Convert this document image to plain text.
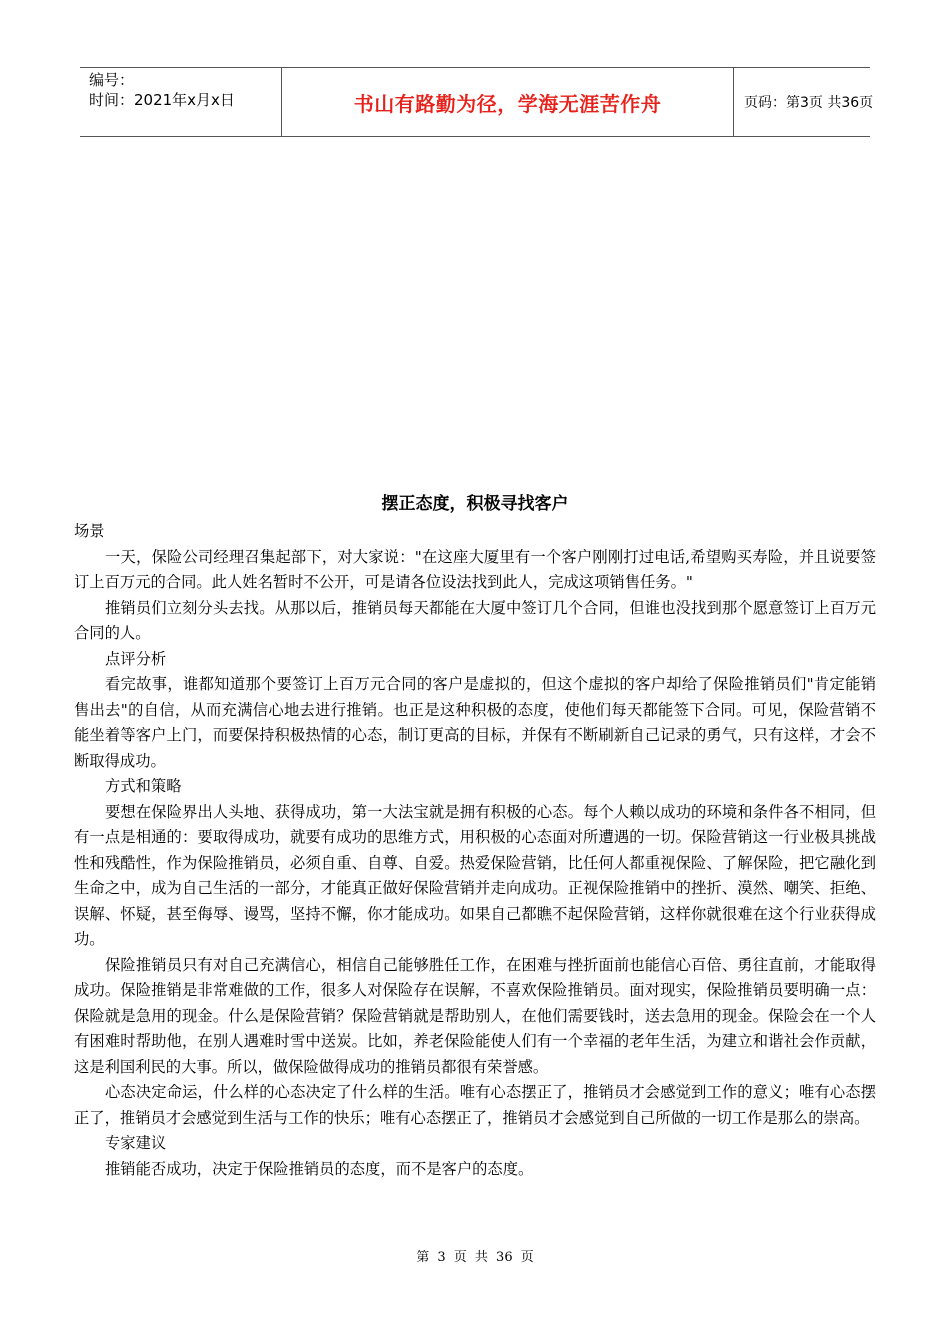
编号：
时间：2021年x月x日	书山有路勤为径，学海无涯苦作舟	页码：第3页 共36页
摆正态度，积极寻找客户

场景

一天，保险公司经理召集起部下，对大家说："在这座大厦里有一个客户刚刚打过电话,希望购买寿险，并且说要签订上百万元的合同。此人姓名暂时不公开，可是请各位设法找到此人，完成这项销售任务。"

推销员们立刻分头去找。从那以后，推销员每天都能在大厦中签订几个合同，但谁也没找到那个愿意签订上百万元合同的人。

点评分析

看完故事，谁都知道那个要签订上百万元合同的客户是虚拟的，但这个虚拟的客户却给了保险推销员们"肯定能销售出去"的自信，从而充满信心地去进行推销。也正是这种积极的态度，使他们每天都能签下合同。可见，保险营销不能坐着等客户上门，而要保持积极热情的心态，制订更高的目标，并保有不断刷新自己记录的勇气，只有这样，才会不断取得成功。

方式和策略

要想在保险界出人头地、获得成功，第一大法宝就是拥有积极的心态。每个人赖以成功的环境和条件各不相同，但有一点是相通的：要取得成功，就要有成功的思维方式，用积极的心态面对所遭遇的一切。保险营销这一行业极具挑战性和残酷性，作为保险推销员，必须自重、自尊、自爱。热爱保险营销，比任何人都重视保险、了解保险，把它融化到生命之中，成为自己生活的一部分，才能真正做好保险营销并走向成功。正视保险推销中的挫折、漠然、嘲笑、拒绝、误解、怀疑，甚至侮辱、谩骂，坚持不懈，你才能成功。如果自己都瞧不起保险营销，这样你就很难在这个行业获得成功。

保险推销员只有对自己充满信心，相信自己能够胜任工作，在困难与挫折面前也能信心百倍、勇往直前，才能取得成功。保险推销是非常难做的工作，很多人对保险存在误解，不喜欢保险推销员。面对现实，保险推销员要明确一点：保险就是急用的现金。什么是保险营销？保险营销就是帮助别人，在他们需要钱时，送去急用的现金。保险会在一个人有困难时帮助他，在别人遇难时雪中送炭。比如，养老保险能使人们有一个幸福的老年生活，为建立和谐社会作贡献，这是利国利民的大事。所以，做保险做得成功的推销员都很有荣誉感。

心态决定命运，什么样的心态决定了什么样的生活。唯有心态摆正了，推销员才会感觉到工作的意义；唯有心态摆正了，推销员才会感觉到生活与工作的快乐；唯有心态摆正了，推销员才会感觉到自己所做的一切工作是那么的崇高。

专家建议

推销能否成功，决定于保险推销员的态度，而不是客户的态度。

第 3 页 共 36 页
